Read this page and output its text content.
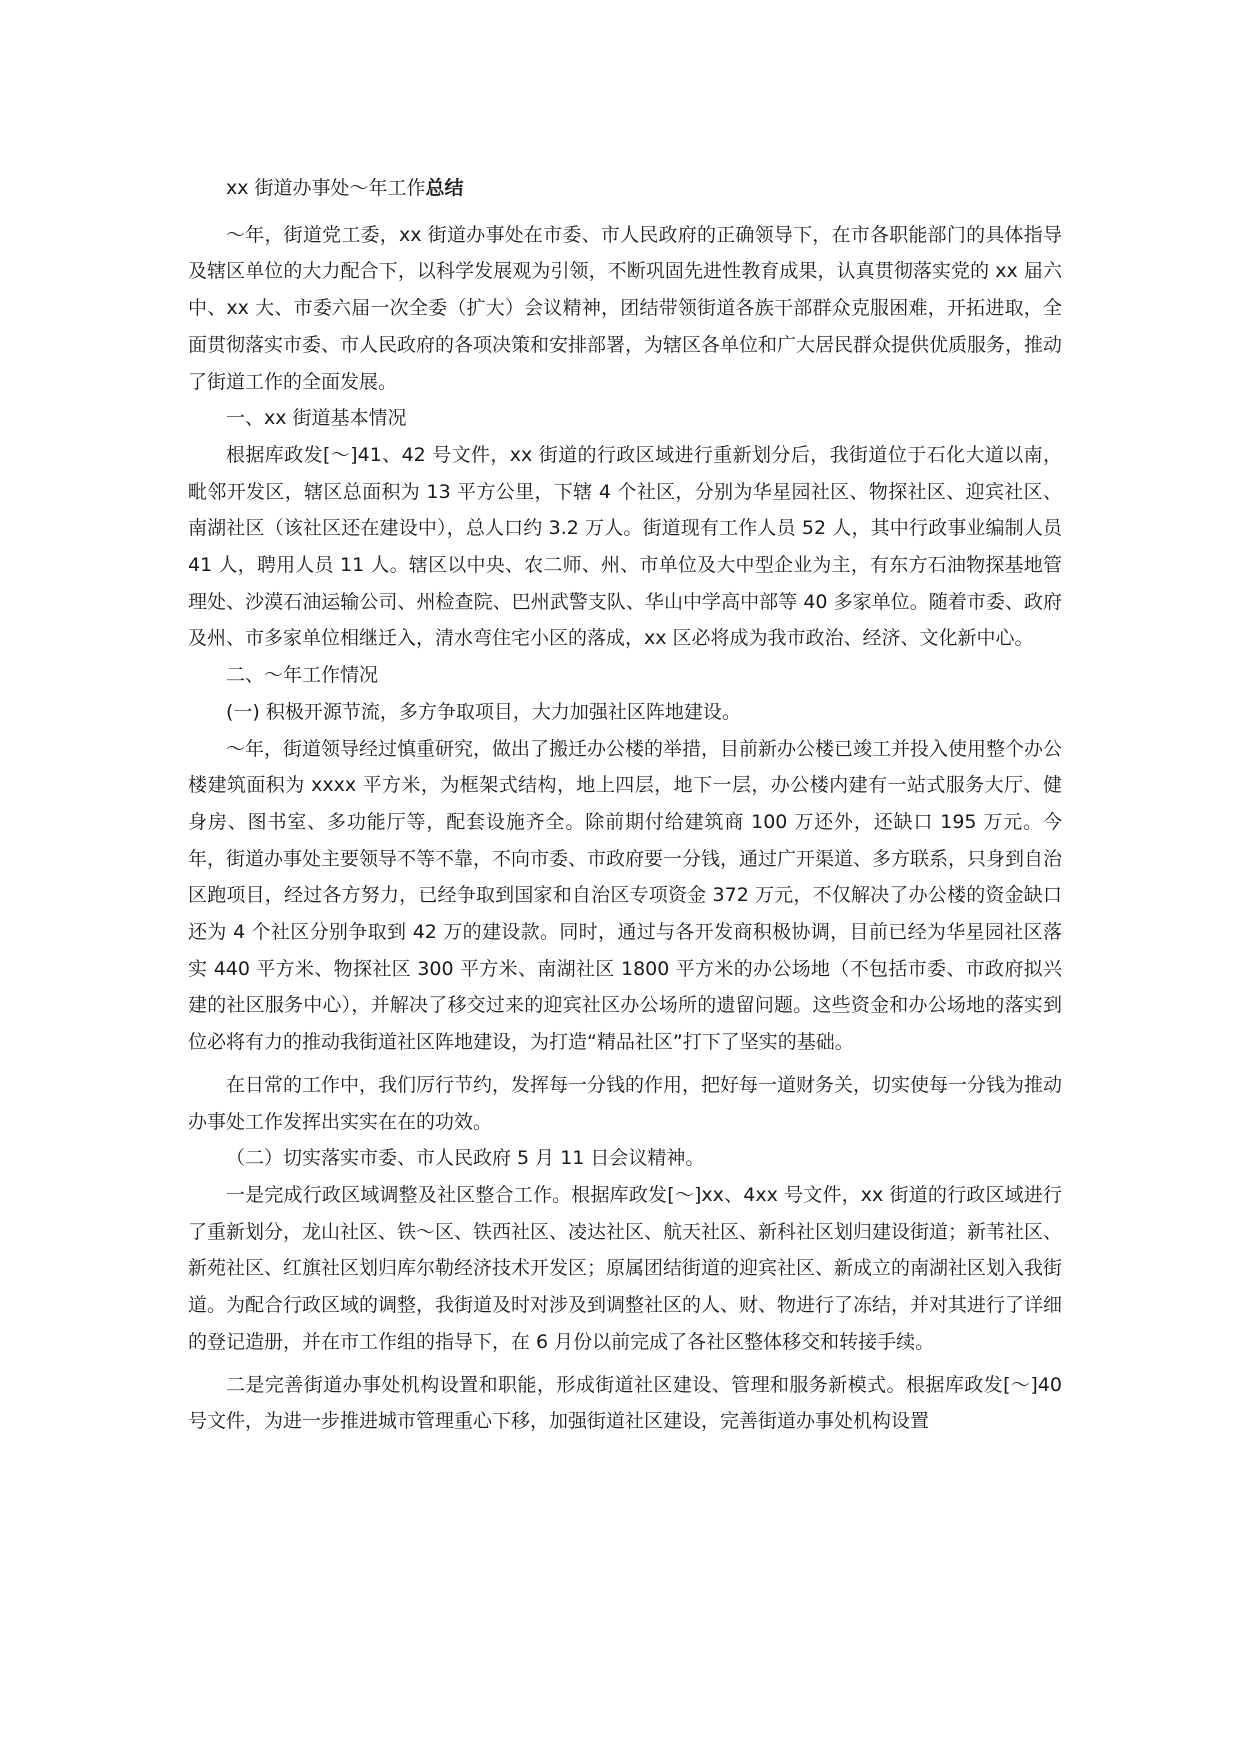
xx 街道办事处～年工作总结

～年，街道党工委，xx 街道办事处在市委、市人民政府的正确领导下，在市各职能部门的具体指导及辖区单位的大力配合下，以科学发展观为引领，不断巩固先进性教育成果，认真贯彻落实党的 xx 届六中、xx 大、市委六届一次全委（扩大）会议精神，团结带领街道各族干部群众克服困难，开拓进取，全面贯彻落实市委、市人民政府的各项决策和安排部署，为辖区各单位和广大居民群众提供优质服务，推动了街道工作的全面发展。

一、xx 街道基本情况

根据库政发[～]41、42 号文件，xx 街道的行政区域进行重新划分后，我街道位于石化大道以南，毗邻开发区，辖区总面积为 13 平方公里，下辖 4 个社区，分别为华星园社区、物探社区、迎宾社区、南湖社区（该社区还在建设中），总人口约 3.2 万人。街道现有工作人员 52 人，其中行政事业编制人员 41 人，聘用人员 11 人。辖区以中央、农二师、州、市单位及大中型企业为主，有东方石油物探基地管理处、沙漠石油运输公司、州检查院、巴州武警支队、华山中学高中部等 40 多家单位。随着市委、政府及州、市多家单位相继迁入，清水弯住宅小区的落成，xx 区必将成为我市政治、经济、文化新中心。

二、～年工作情况

(一) 积极开源节流，多方争取项目，大力加强社区阵地建设。

～年，街道领导经过慎重研究，做出了搬迁办公楼的举措，目前新办公楼已竣工并投入使用整个办公楼建筑面积为 xxxx 平方米，为框架式结构，地上四层，地下一层，办公楼内建有一站式服务大厅、健身房、图书室、多功能厅等，配套设施齐全。除前期付给建筑商 100 万还外，还缺口 195 万元。今年，街道办事处主要领导不等不靠，不向市委、市政府要一分钱，通过广开渠道、多方联系，只身到自治区跑项目，经过各方努力，已经争取到国家和自治区专项资金 372 万元，不仅解决了办公楼的资金缺口还为 4 个社区分别争取到 42 万的建设款。同时，通过与各开发商积极协调，目前已经为华星园社区落实 440 平方米、物探社区 300 平方米、南湖社区 1800 平方米的办公场地（不包括市委、市政府拟兴建的社区服务中心），并解决了移交过来的迎宾社区办公场所的遗留问题。这些资金和办公场地的落实到位必将有力的推动我街道社区阵地建设，为打造“精品社区”打下了坚实的基础。

在日常的工作中，我们厉行节约，发挥每一分钱的作用，把好每一道财务关，切实使每一分钱为推动办事处工作发挥出实实在在的功效。

（二）切实落实市委、市人民政府 5 月 11 日会议精神。

一是完成行政区域调整及社区整合工作。根据库政发[～]xx、4xx 号文件，xx 街道的行政区域进行了重新划分，龙山社区、铁～区、铁西社区、凌达社区、航天社区、新科社区划归建设街道；新苇社区、新苑社区、红旗社区划归库尔勒经济技术开发区；原属团结街道的迎宾社区、新成立的南湖社区划入我街道。为配合行政区域的调整，我街道及时对涉及到调整社区的人、财、物进行了冻结，并对其进行了详细的登记造册，并在市工作组的指导下，在 6 月份以前完成了各社区整体移交和转接手续。

二是完善街道办事处机构设置和职能，形成街道社区建设、管理和服务新模式。根据库政发[～]40 号文件，为进一步推进城市管理重心下移，加强街道社区建设，完善街道办事处机构设置
